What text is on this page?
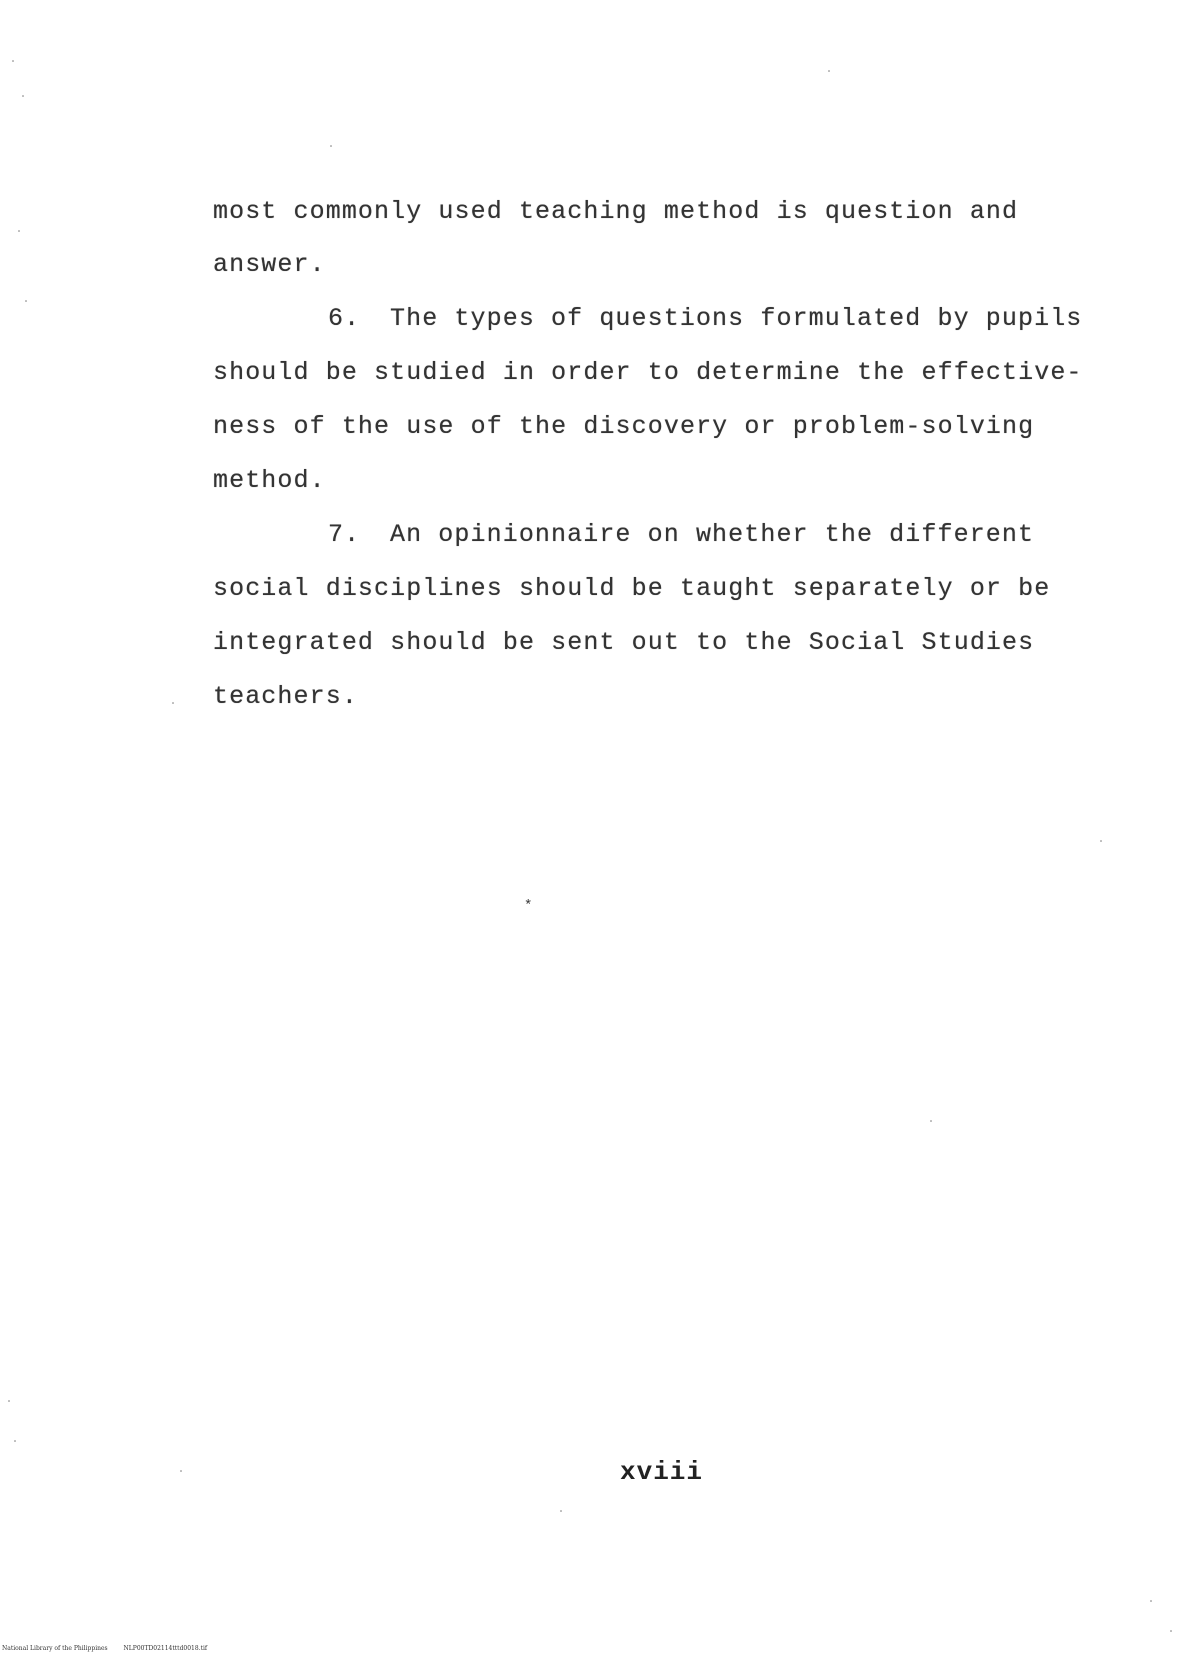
most commonly used teaching method is question and
answer.
6. The types of questions formulated by pupils
should be studied in order to determine the effective-
ness of the use of the discovery or problem-solving
method.
7. An opinionnaire on whether the different
social disciplines should be taught separately or be
integrated should be sent out to the Social Studies
teachers.
*
xviii
National Library of the Philippines	NLP00TD02114tttd0018.tif
